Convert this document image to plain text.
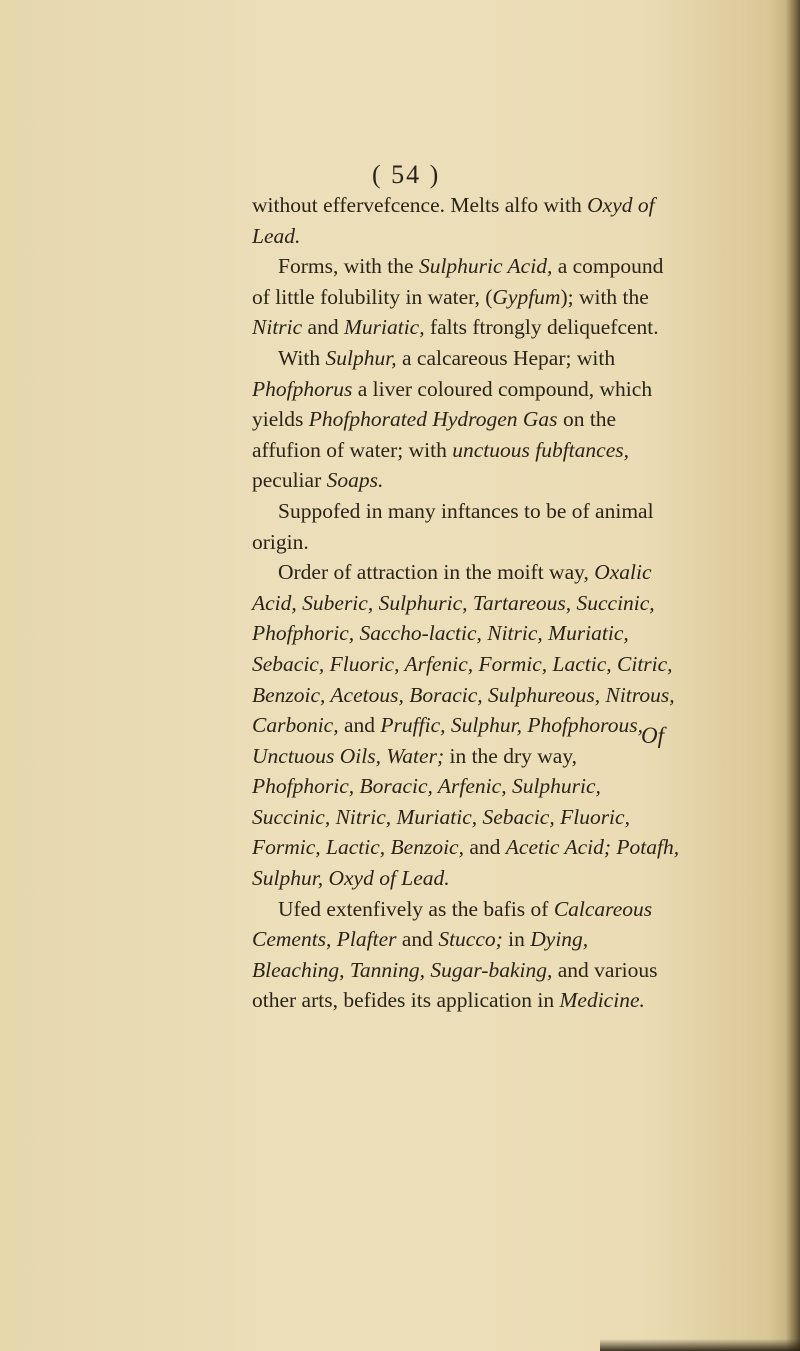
( 54 )

without effervefcence. Melts alfo with Oxyd of Lead.

Forms, with the Sulphuric Acid, a compound of little folubility in water, (Gypfum); with the Nitric and Muriatic, falts ftrongly deliquefcent.

With Sulphur, a calcareous Hepar; with Phofphorus a liver coloured compound, which yields Phofphorated Hydrogen Gas on the affufion of water; with unctuous fubftances, peculiar Soaps.

Suppofed in many inftances to be of animal origin.

Order of attraction in the moift way, Oxalic Acid, Suberic, Sulphuric, Tartareous, Succinic, Phofphoric, Saccho-lactic, Nitric, Muriatic, Sebacic, Fluoric, Arfenic, Formic, Lactic, Citric, Benzoic, Acetous, Boracic, Sulphureous, Nitrous, Carbonic, and Pruffic, Sulphur, Phofphorous, Unctuous Oils, Water; in the dry way, Phofphoric, Boracic, Arfenic, Sulphuric, Succinic, Nitric, Muriatic, Sebacic, Fluoric, Formic, Lactic, Benzoic, and Acetic Acid; Potafh, Sulphur, Oxyd of Lead.

Ufed extenfively as the bafis of Calcareous Cements, Plafter and Stucco; in Dying, Bleaching, Tanning, Sugar-baking, and various other arts, befides its application in Medicine.

Of
